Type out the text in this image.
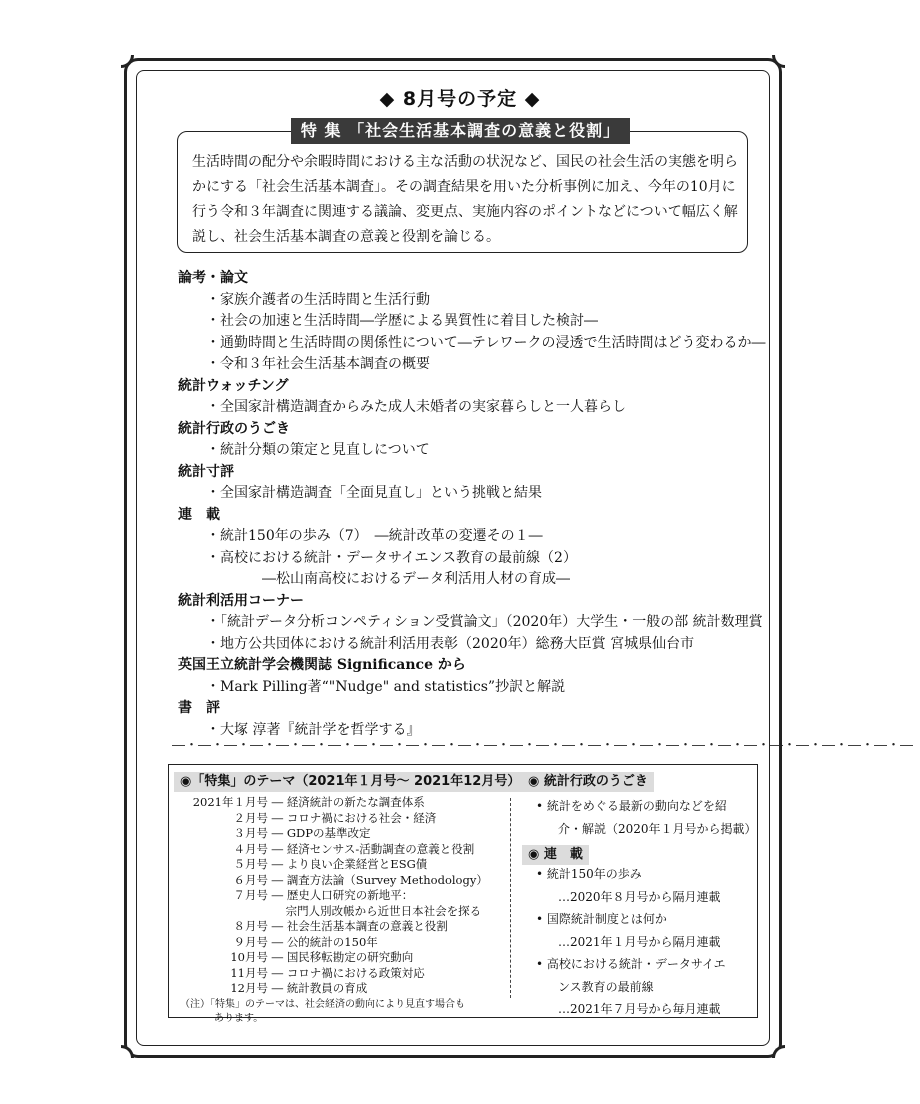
◆ 8月号の予定 ◆
特 集 「社会生活基本調査の意義と役割」
生活時間の配分や余暇時間における主な活動の状況など、国民の社会生活の実態を明ら
かにする「社会生活基本調査」。その調査結果を用いた分析事例に加え、今年の10月に
行う令和３年調査に関連する議論、変更点、実施内容のポイントなどについて幅広く解
説し、社会生活基本調査の意義と役割を論じる。
論考・論文
・家族介護者の生活時間と生活行動
・社会の加速と生活時間―学歴による異質性に着目した検討―
・通勤時間と生活時間の関係性について―テレワークの浸透で生活時間はどう変わるか―
・令和３年社会生活基本調査の概要
統計ウォッチング
・全国家計構造調査からみた成人未婚者の実家暮らしと一人暮らし
統計行政のうごき
・統計分類の策定と見直しについて
統計寸評
・全国家計構造調査「全面見直し」という挑戦と結果
連　載
・統計150年の歩み（7）　―統計改革の変遷その１―
・高校における統計・データサイエンス教育の最前線（2）
―松山南高校におけるデータ利活用人材の育成―
統計利活用コーナー
・「統計データ分析コンペティション受賞論文」（2020年）大学生・一般の部 統計数理賞
・地方公共団体における統計利活用表彰（2020年）総務大臣賞 宮城県仙台市
英国王立統計学会機関誌 Significance から
・Mark Pilling著“"Nudge" and statistics”抄訳と解説
書　評
・大塚 淳著『統計学を哲学する』
―・―・―・―・―・―・―・―・―・―・―・―・―・―・―・―・―・―・―・―・―・―・―・―・―・―・―・―・―
◉「特集」のテーマ（2021年１月号～ 2021年12月号）
2021年１月号 ― 経済統計の新たな調査体系
２月号 ― コロナ禍における社会・経済
３月号 ― GDPの基準改定
４月号 ― 経済センサス-活動調査の意義と役割
５月号 ― より良い企業経営とESG債
６月号 ― 調査方法論（Survey Methodology）
７月号 ― 歴史人口研究の新地平：
宗門人別改帳から近世日本社会を探る
８月号 ― 社会生活基本調査の意義と役割
９月号 ― 公的統計の150年
10月号 ― 国民移転勘定の研究動向
11月号 ― コロナ禍における政策対応
12月号 ― 統計教員の育成
（注）「特集」のテーマは、社会経済の動向により見直す場合も
あります。
◉ 統計行政のうごき
◉ 連　載
• 統計をめぐる最新の動向などを紹
介・解説（2020年１月号から掲載）
• 統計150年の歩み
…2020年８月号から隔月連載
• 国際統計制度とは何か
…2021年１月号から隔月連載
• 高校における統計・データサイエ
ンス教育の最前線
…2021年７月号から毎月連載
